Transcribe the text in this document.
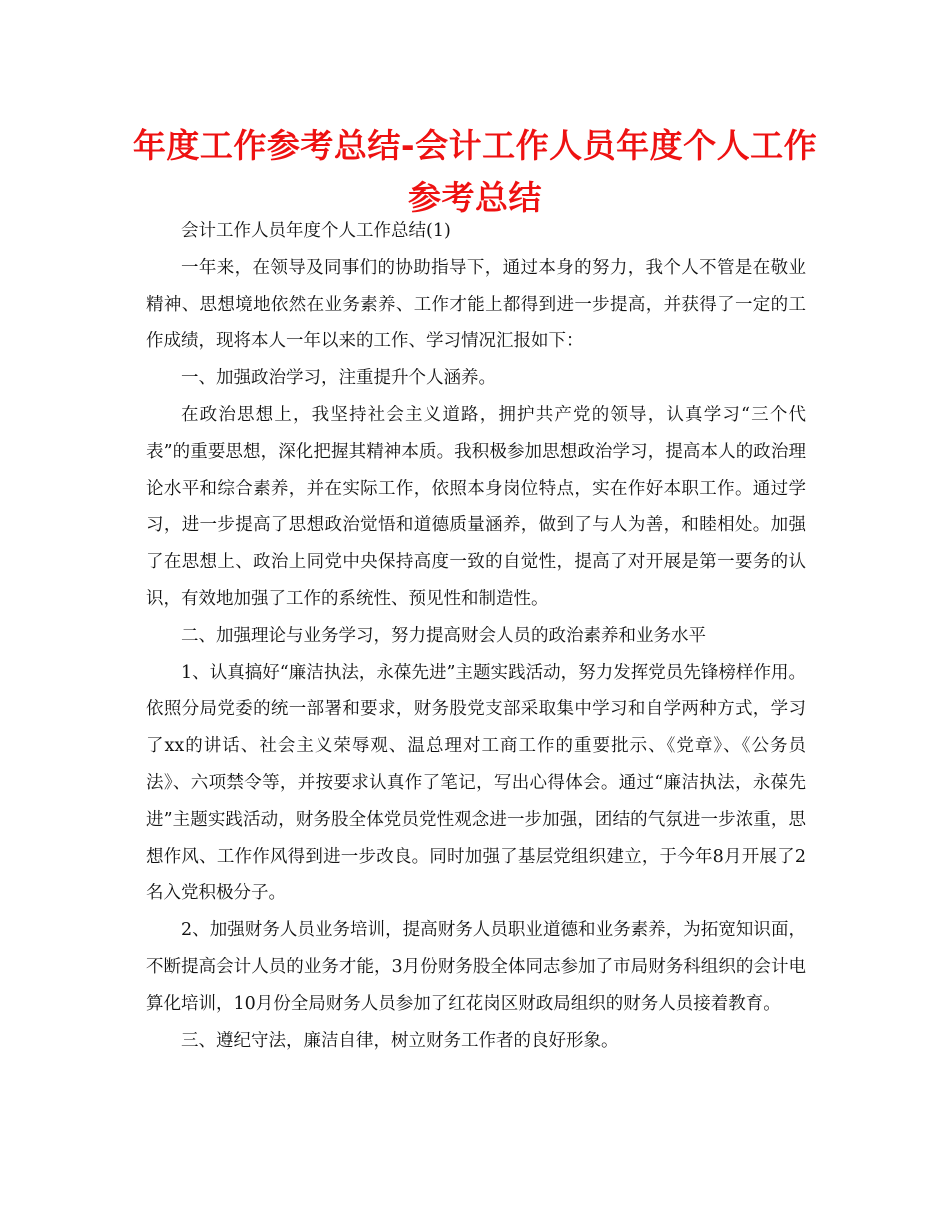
年度工作参考总结-会计工作人员年度个人工作参考总结

会计工作人员年度个人工作总结(1)

一年来，在领导及同事们的协助指导下，通过本身的努力，我个人不管是在敬业精神、思想境地依然在业务素养、工作才能上都得到进一步提高，并获得了一定的工作成绩，现将本人一年以来的工作、学习情况汇报如下：

一、加强政治学习，注重提升个人涵养。

在政治思想上，我坚持社会主义道路，拥护共产党的领导，认真学习“三个代表”的重要思想，深化把握其精神本质。我积极参加思想政治学习，提高本人的政治理论水平和综合素养，并在实际工作，依照本身岗位特点，实在作好本职工作。通过学习，进一步提高了思想政治觉悟和道德质量涵养，做到了与人为善，和睦相处。加强了在思想上、政治上同党中央保持高度一致的自觉性，提高了对开展是第一要务的认识，有效地加强了工作的系统性、预见性和制造性。

二、加强理论与业务学习，努力提高财会人员的政治素养和业务水平

1、认真搞好“廉洁执法，永葆先进”主题实践活动，努力发挥党员先锋榜样作用。依照分局党委的统一部署和要求，财务股党支部采取集中学习和自学两种方式，学习了xx的讲话、社会主义荣辱观、温总理对工商工作的重要批示、《党章》、《公务员法》、六项禁令等，并按要求认真作了笔记，写出心得体会。通过“廉洁执法，永葆先进”主题实践活动，财务股全体党员党性观念进一步加强，团结的气氛进一步浓重，思想作风、工作作风得到进一步改良。同时加强了基层党组织建立，于今年8月开展了2名入党积极分子。

2、加强财务人员业务培训，提高财务人员职业道德和业务素养，为拓宽知识面，不断提高会计人员的业务才能，3月份财务股全体同志参加了市局财务科组织的会计电算化培训，10月份全局财务人员参加了红花岗区财政局组织的财务人员接着教育。

三、遵纪守法，廉洁自律，树立财务工作者的良好形象。
